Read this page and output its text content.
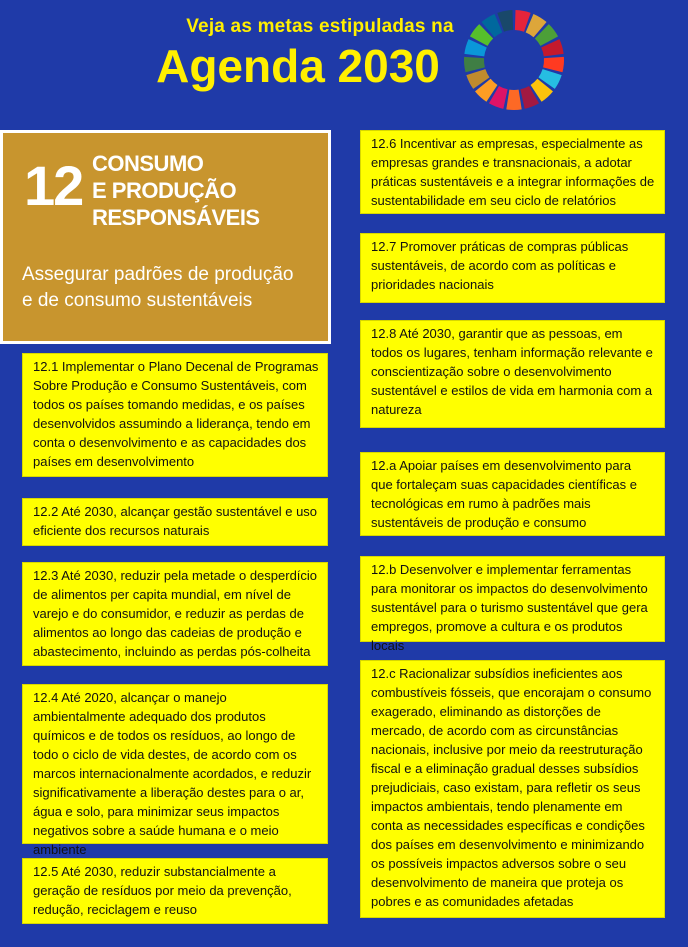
Veja as metas estipuladas na
Agenda 2030
12 CONSUMO
E PRODUÇÃO
RESPONSÁVEIS
Assegurar padrões de produção
e de consumo sustentáveis
12.1 Implementar o Plano Decenal de Programas Sobre Produção e Consumo Sustentáveis, com todos os países tomando medidas, e os países desenvolvidos assumindo a liderança, tendo em conta o desenvolvimento e as capacidades dos países em desenvolvimento
12.2 Até 2030, alcançar gestão sustentável e uso eficiente dos recursos naturais
12.3 Até 2030, reduzir pela metade o desperdício de alimentos per capita mundial, em nível de varejo e do consumidor, e reduzir as perdas de alimentos ao longo das cadeias de produção e abastecimento, incluindo as perdas pós-colheita
12.4 Até 2020, alcançar o manejo ambientalmente adequado dos produtos químicos e de todos os resíduos, ao longo de todo o ciclo de vida destes, de acordo com os marcos internacionalmente acordados, e reduzir significativamente a liberação destes para o ar, água e solo, para minimizar seus impactos negativos sobre a saúde humana e o meio ambiente
12.5 Até 2030, reduzir substancialmente a geração de resíduos por meio da prevenção, redução, reciclagem e reuso
12.6 Incentivar as empresas, especialmente as empresas grandes e transnacionais, a adotar práticas sustentáveis e a integrar informações de sustentabilidade em seu ciclo de relatórios
12.7 Promover práticas de compras públicas sustentáveis, de acordo com as políticas e prioridades nacionais
12.8 Até 2030, garantir que as pessoas, em todos os lugares, tenham informação relevante e conscientização sobre o desenvolvimento sustentável e estilos de vida em harmonia com a natureza
12.a Apoiar países em desenvolvimento para que fortaleçam suas capacidades científicas e tecnológicas em rumo à padrões mais sustentáveis de produção e consumo
12.b Desenvolver e implementar ferramentas para monitorar os impactos do desenvolvimento sustentável para o turismo sustentável que gera empregos, promove a cultura e os produtos locais
12.c Racionalizar subsídios ineficientes aos combustíveis fósseis, que encorajam o consumo exagerado, eliminando as distorções de mercado, de acordo com as circunstâncias nacionais, inclusive por meio da reestruturação fiscal e a eliminação gradual desses subsídios prejudiciais, caso existam, para refletir os seus impactos ambientais, tendo plenamente em conta as necessidades específicas e condições dos países em desenvolvimento e minimizando os possíveis impactos adversos sobre o seu desenvolvimento de maneira que proteja os pobres e as comunidades afetadas
